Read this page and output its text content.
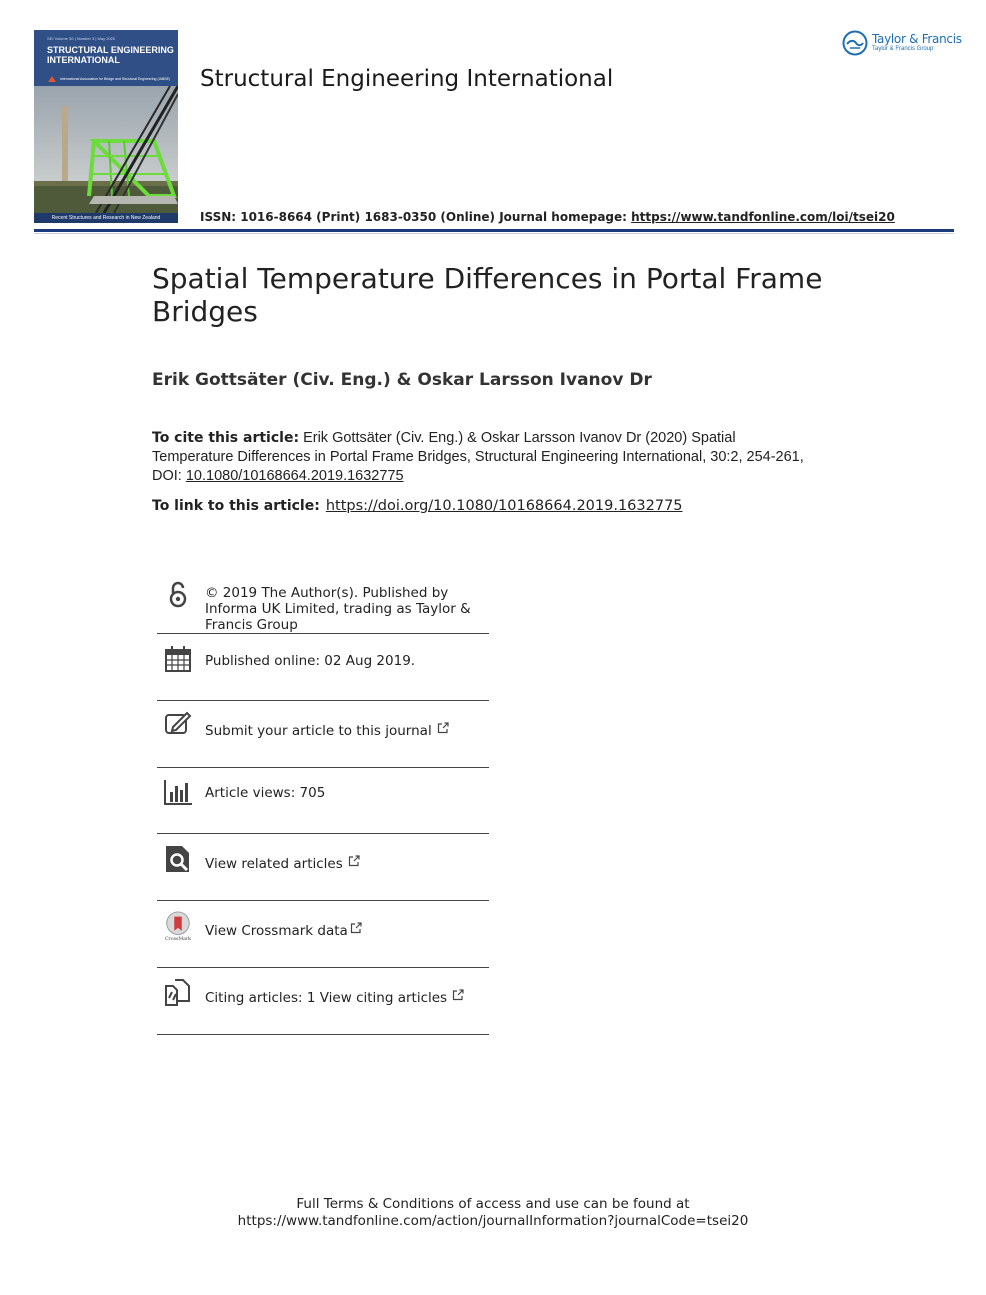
SEI Volume 30 | Number 3 | May 2020
STRUCTURAL ENGINEERING INTERNATIONAL
International Association for Bridge and Structural Engineering (IABSE)
Recent Structures and Research in New Zealand
Structural Engineering International
Taylor & Francis
Taylor & Francis Group
ISSN: 1016-8664 (Print) 1683-0350 (Online) Journal homepage: https://www.tandfonline.com/loi/tsei20
Spatial Temperature Differences in Portal Frame Bridges
Erik Gottsäter (Civ. Eng.) & Oskar Larsson Ivanov Dr
To cite this article: Erik Gottsäter (Civ. Eng.) & Oskar Larsson Ivanov Dr (2020) Spatial Temperature Differences in Portal Frame Bridges, Structural Engineering International, 30:2, 254-261, DOI: 10.1080/10168664.2019.1632775
To link to this article: https://doi.org/10.1080/10168664.2019.1632775
© 2019 The Author(s). Published by Informa UK Limited, trading as Taylor & Francis Group
Published online: 02 Aug 2019.
Submit your article to this journal
Article views: 705
View related articles
CrossMark
View Crossmark data
Citing articles: 1 View citing articles
Full Terms & Conditions of access and use can be found at
https://www.tandfonline.com/action/journalInformation?journalCode=tsei20
